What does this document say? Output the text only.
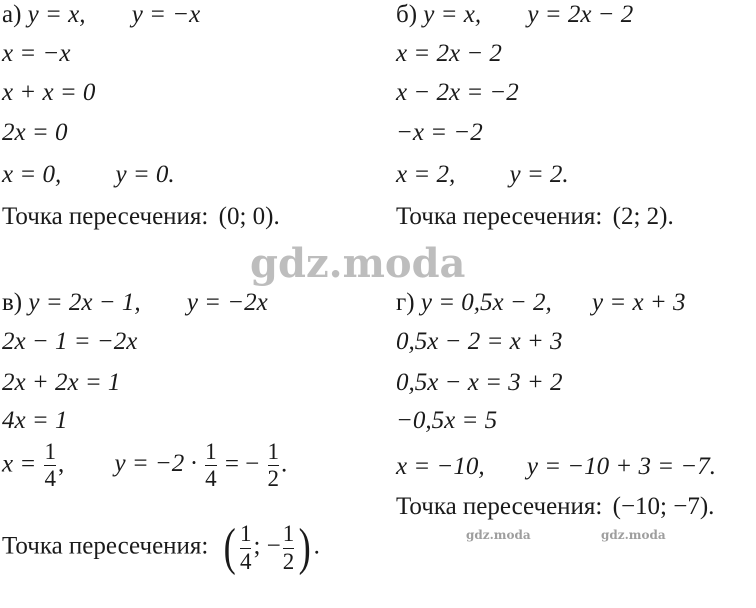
а) y = x, y = −x
x = −x
x + x = 0
2x = 0
x = 0, y = 0.
Точка пересечения: (0; 0).
б) y = x, y = 2x − 2
x = 2x − 2
x − 2x = −2
−x = −2
x = 2, y = 2.
Точка пересечения: (2; 2).
gdz.moda
в) y = 2x − 1, y = −2x
2x − 1 = −2x
2x + 2x = 1
4x = 1
$x = \frac{1}{4}$ , $y = -2 \cdot \frac{1}{4}$ = − $\frac{1}{2}$ .
Точка пересечения: ( $\frac{1}{4}$ ; − $\frac{1}{2}$ ) .
г) y = 0,5x − 2, y = x + 3
0,5x − 2 = x + 3
0,5x − x = 3 + 2
−0,5x = 5
x = −10, y = −10 + 3 = −7.
Точка пересечения: (−10; −7).
gdz.moda	gdz.moda
